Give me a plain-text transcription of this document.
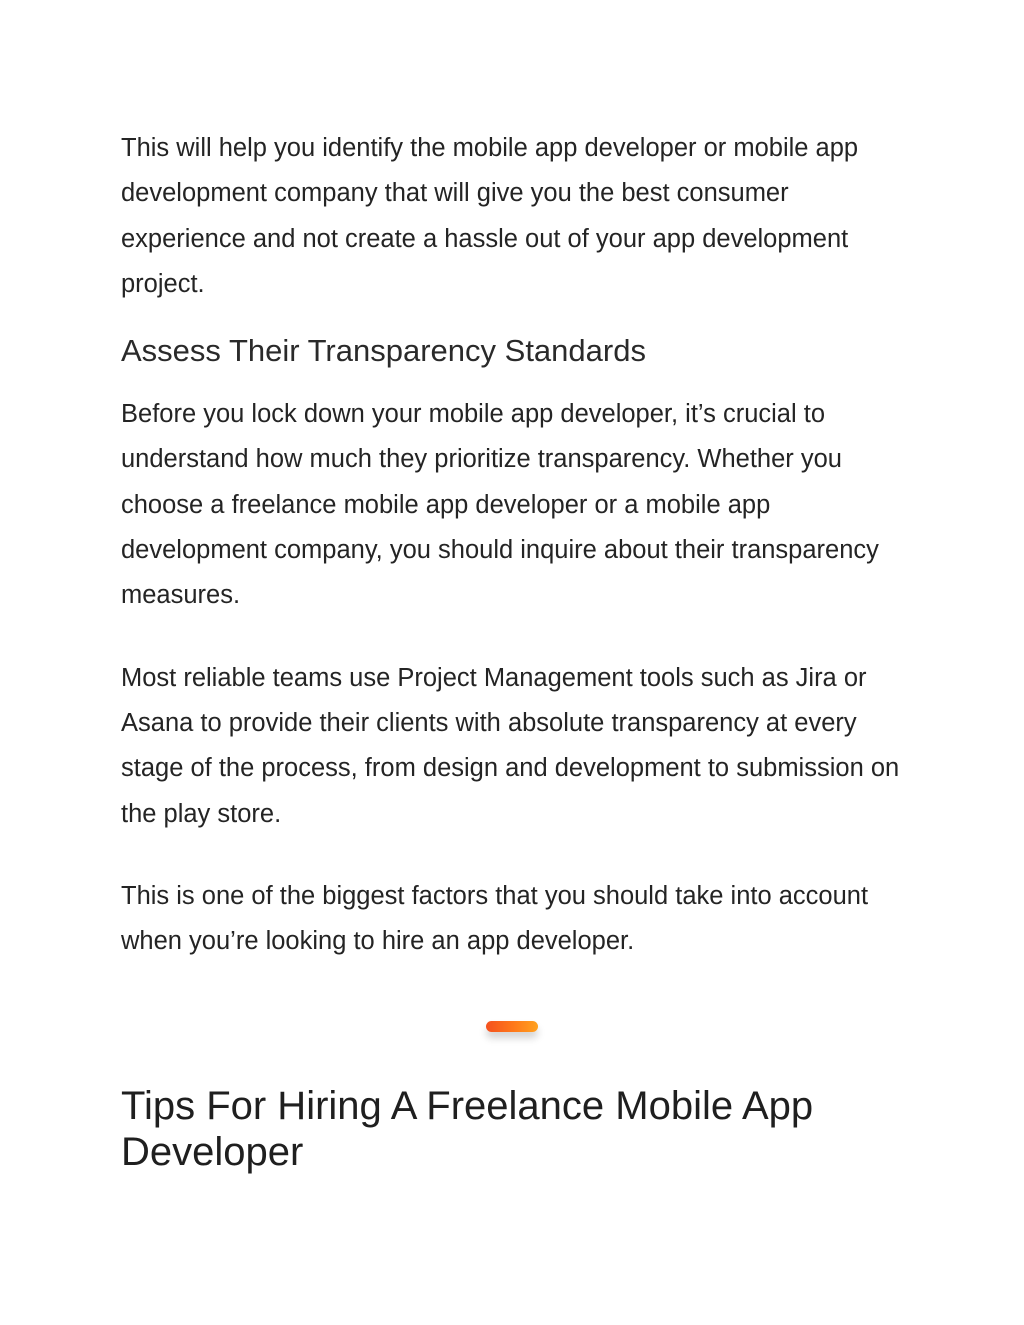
This will help you identify the mobile app developer or mobile app development company that will give you the best consumer experience and not create a hassle out of your app development project.

Assess Their Transparency Standards

Before you lock down your mobile app developer, it’s crucial to understand how much they prioritize transparency. Whether you choose a freelance mobile app developer or a mobile app development company, you should inquire about their transparency measures.

Most reliable teams use Project Management tools such as Jira or Asana to provide their clients with absolute transparency at every stage of the process, from design and development to submission on the play store.

This is one of the biggest factors that you should take into account when you’re looking to hire an app developer.

Tips For Hiring A Freelance Mobile App Developer
